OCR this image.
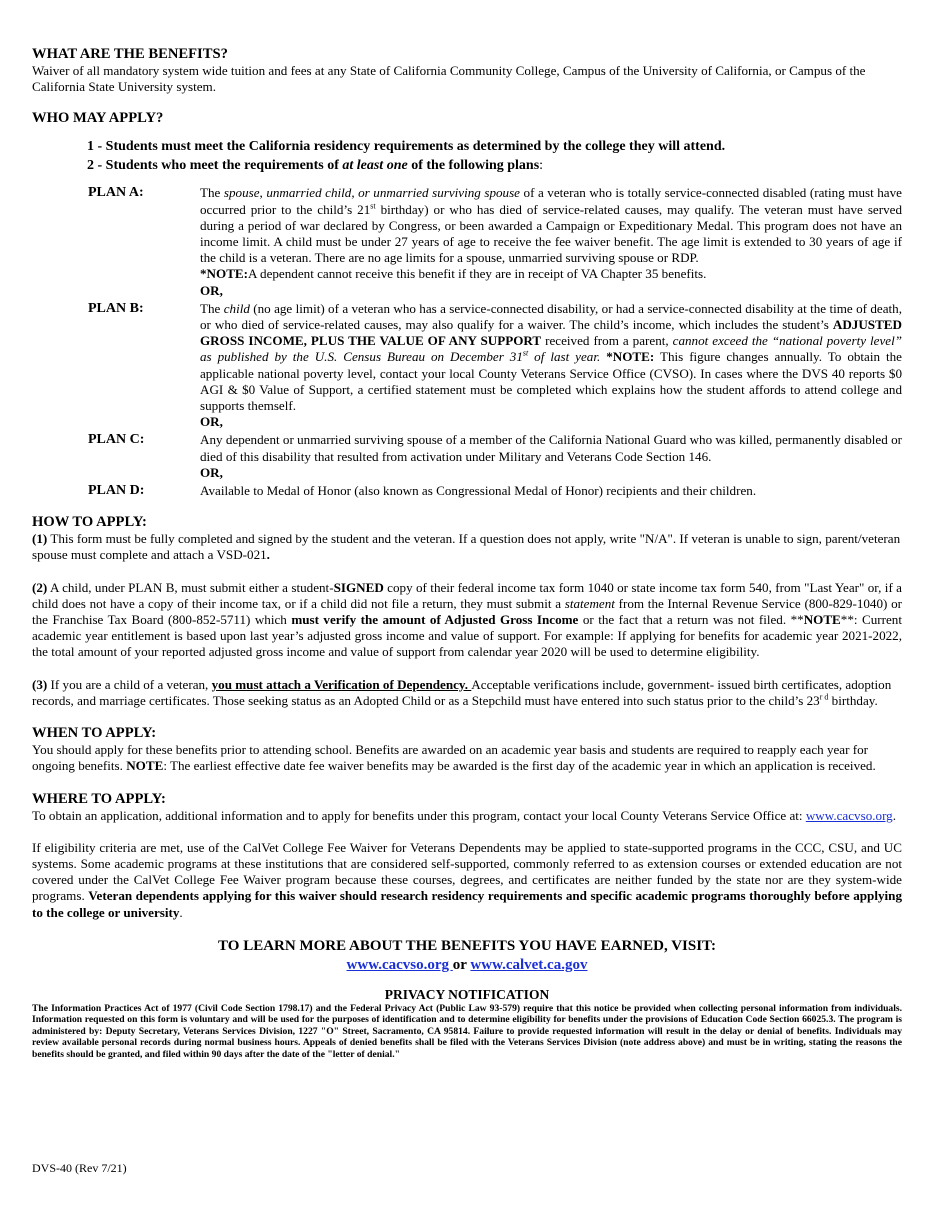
WHAT ARE THE BENEFITS?

Waiver of all mandatory system wide tuition and fees at any State of California Community College, Campus of the University of California, or Campus of the California State University system.

WHO MAY APPLY?
1 - Students must meet the California residency requirements as determined by the college they will attend.
2 - Students who meet the requirements of at least one of the following plans:
PLAN A:	The spouse, unmarried child, or unmarried surviving spouse of a veteran who is totally service-connected disabled (rating must have occurred prior to the child’s 21st birthday) or who has died of service-related causes, may qualify. The veteran must have served during a period of war declared by Congress, or been awarded a Campaign or Expeditionary Medal. This program does not have an income limit. A child must be under 27 years of age to receive the fee waiver benefit. The age limit is extended to 30 years of age if the child is a veteran. There are no age limits for a spouse, unmarried surviving spouse or RDP.
*NOTE:A dependent cannot receive this benefit if they are in receipt of VA Chapter 35 benefits.
OR,
PLAN B:	The child (no age limit) of a veteran who has a service-connected disability, or had a service-connected disability at the time of death, or who died of service-related causes, may also qualify for a waiver. The child’s income, which includes the student’s ADJUSTED GROSS INCOME, PLUS THE VALUE OF ANY SUPPORT received from a parent, cannot exceed the “national poverty level” as published by the U.S. Census Bureau on December 31st of last year. *NOTE: This figure changes annually. To obtain the applicable national poverty level, contact your local County Veterans Service Office (CVSO). In cases where the DVS 40 reports $0 AGI & $0 Value of Support, a certified statement must be completed which explains how the student affords to attend college and supports themself.
OR,
PLAN C:	Any dependent or unmarried surviving spouse of a member of the California National Guard who was killed, permanently disabled or died of this disability that resulted from activation under Military and Veterans Code Section 146.
OR,
PLAN D:	Available to Medal of Honor (also known as Congressional Medal of Honor) recipients and their children.
HOW TO APPLY:

(1) This form must be fully completed and signed by the student and the veteran. If a question does not apply, write "N/A". If veteran is unable to sign, parent/veteran spouse must complete and attach a VSD-021.

(2) A child, under PLAN B, must submit either a student-SIGNED copy of their federal income tax form 1040 or state income tax form 540, from "Last Year" or, if a child does not have a copy of their income tax, or if a child did not file a return, they must submit a statement from the Internal Revenue Service (800-829-1040) or the Franchise Tax Board (800-852-5711) which must verify the amount of Adjusted Gross Income or the fact that a return was not filed. **NOTE**: Current academic year entitlement is based upon last year’s adjusted gross income and value of support. For example: If applying for benefits for academic year 2021-2022, the total amount of your reported adjusted gross income and value of support from calendar year 2020 will be used to determine eligibility.

(3) If you are a child of a veteran, you must attach a Verification of Dependency. Acceptable verifications include, government- issued birth certificates, adoption records, and marriage certificates. Those seeking status as an Adopted Child or as a Stepchild must have entered into such status prior to the child’s $23^{r d}$ birthday.

WHEN TO APPLY:

You should apply for these benefits prior to attending school. Benefits are awarded on an academic year basis and students are required to reapply each year for ongoing benefits. NOTE: The earliest effective date fee waiver benefits may be awarded is the first day of the academic year in which an application is received.

WHERE TO APPLY:

To obtain an application, additional information and to apply for benefits under this program, contact your local County Veterans Service Office at: www.cacvso.org.

If eligibility criteria are met, use of the CalVet College Fee Waiver for Veterans Dependents may be applied to state-supported programs in the CCC, CSU, and UC systems. Some academic programs at these institutions that are considered self-supported, commonly referred to as extension courses or extended education are not covered under the CalVet College Fee Waiver program because these courses, degrees, and certificates are neither funded by the state nor are they system-wide programs. Veteran dependents applying for this waiver should research residency requirements and specific academic programs thoroughly before applying to the college or university.

TO LEARN MORE ABOUT THE BENEFITS YOU HAVE EARNED, VISIT:
www.cacvso.org or www.calvet.ca.gov
PRIVACY NOTIFICATION

The Information Practices Act of 1977 (Civil Code Section 1798.17) and the Federal Privacy Act (Public Law 93-579) require that this notice be provided when collecting personal information from individuals. Information requested on this form is voluntary and will be used for the purposes of identification and to determine eligibility for benefits under the provisions of Education Code Section 66025.3. The program is administered by: Deputy Secretary, Veterans Services Division, 1227 "O" Street, Sacramento, CA 95814. Failure to provide requested information will result in the delay or denial of benefits. Individuals may review available personal records during normal business hours. Appeals of denied benefits shall be filed with the Veterans Services Division (note address above) and must be in writing, stating the reasons the benefits should be granted, and filed within 90 days after the date of the "letter of denial."

DVS-40 (Rev 7/21)
